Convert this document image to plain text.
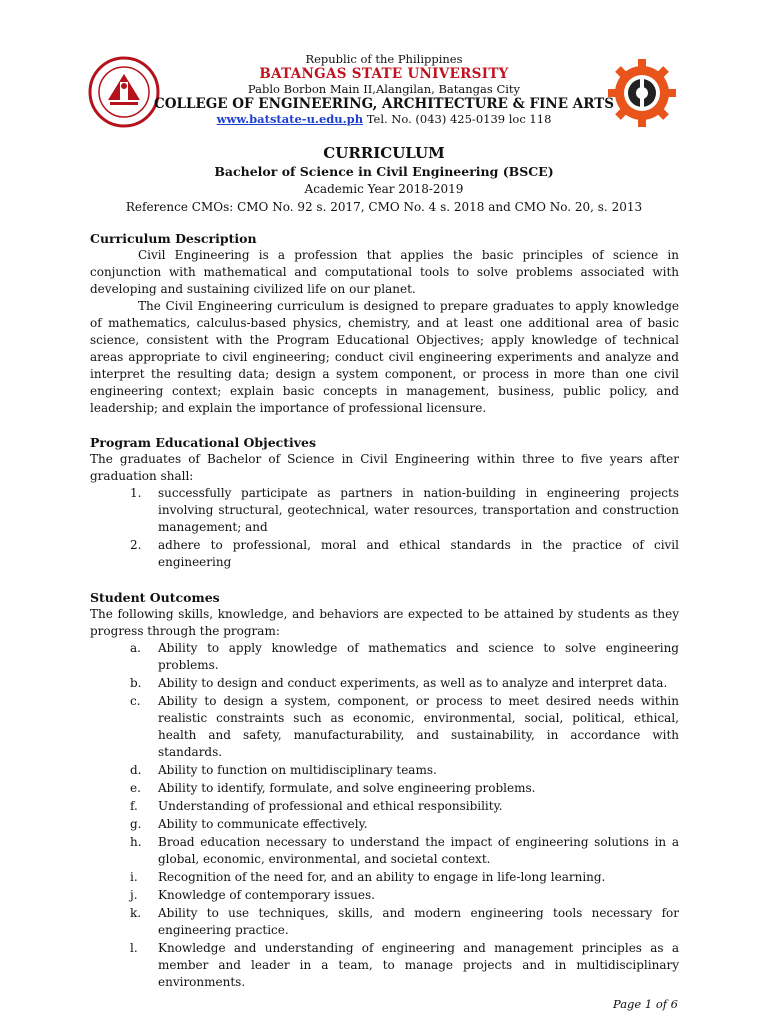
Republic of the Philippines
BATANGAS STATE UNIVERSITY
Pablo Borbon Main II,Alangilan, Batangas City
COLLEGE OF ENGINEERING, ARCHITECTURE & FINE ARTS
www.batstate-u.edu.ph Tel. No. (043) 425-0139 loc 118
CURRICULUM
Bachelor of Science in Civil Engineering (BSCE)
Academic Year 2018-2019
Reference CMOs: CMO No. 92 s. 2017, CMO No. 4 s. 2018 and CMO No. 20, s. 2013

Curriculum Description

Civil Engineering is a profession that applies the basic principles of science in conjunction with mathematical and computational tools to solve problems associated with developing and sustaining civilized life on our planet.

The Civil Engineering curriculum is designed to prepare graduates to apply knowledge of mathematics, calculus-based physics, chemistry, and at least one additional area of basic science, consistent with the Program Educational Objectives; apply knowledge of technical areas appropriate to civil engineering; conduct civil engineering experiments and analyze and interpret the resulting data; design a system component, or process in more than one civil engineering context; explain basic concepts in management, business, public policy, and leadership; and explain the importance of professional licensure.

Program Educational Objectives

The graduates of Bachelor of Science in Civil Engineering within three to five years after graduation shall:

1.	successfully participate as partners in nation-building in engineering projects involving structural, geotechnical, water resources, transportation and construction management; and
2.	adhere to professional, moral and ethical standards in the practice of civil engineering

Student Outcomes

The following skills, knowledge, and behaviors are expected to be attained by students as they progress through the program:

a.	Ability to apply knowledge of mathematics and science to solve engineering problems.
b.	Ability to design and conduct experiments, as well as to analyze and interpret data.
c.	Ability to design a system, component, or process to meet desired needs within realistic constraints such as economic, environmental, social, political, ethical, health and safety, manufacturability, and sustainability, in accordance with standards.
d.	Ability to function on multidisciplinary teams.
e.	Ability to identify, formulate, and solve engineering problems.
f.	Understanding of professional and ethical responsibility.
g.	Ability to communicate effectively.
h.	Broad education necessary to understand the impact of engineering solutions in a global, economic, environmental, and societal context.
i.	Recognition of the need for, and an ability to engage in life-long learning.
j.	Knowledge of contemporary issues.
k.	Ability to use techniques, skills, and modern engineering tools necessary for engineering practice.
l.	Knowledge and understanding of engineering and management principles as a member and leader in a team, to manage projects and in multidisciplinary environments.
Page 1 of 6
